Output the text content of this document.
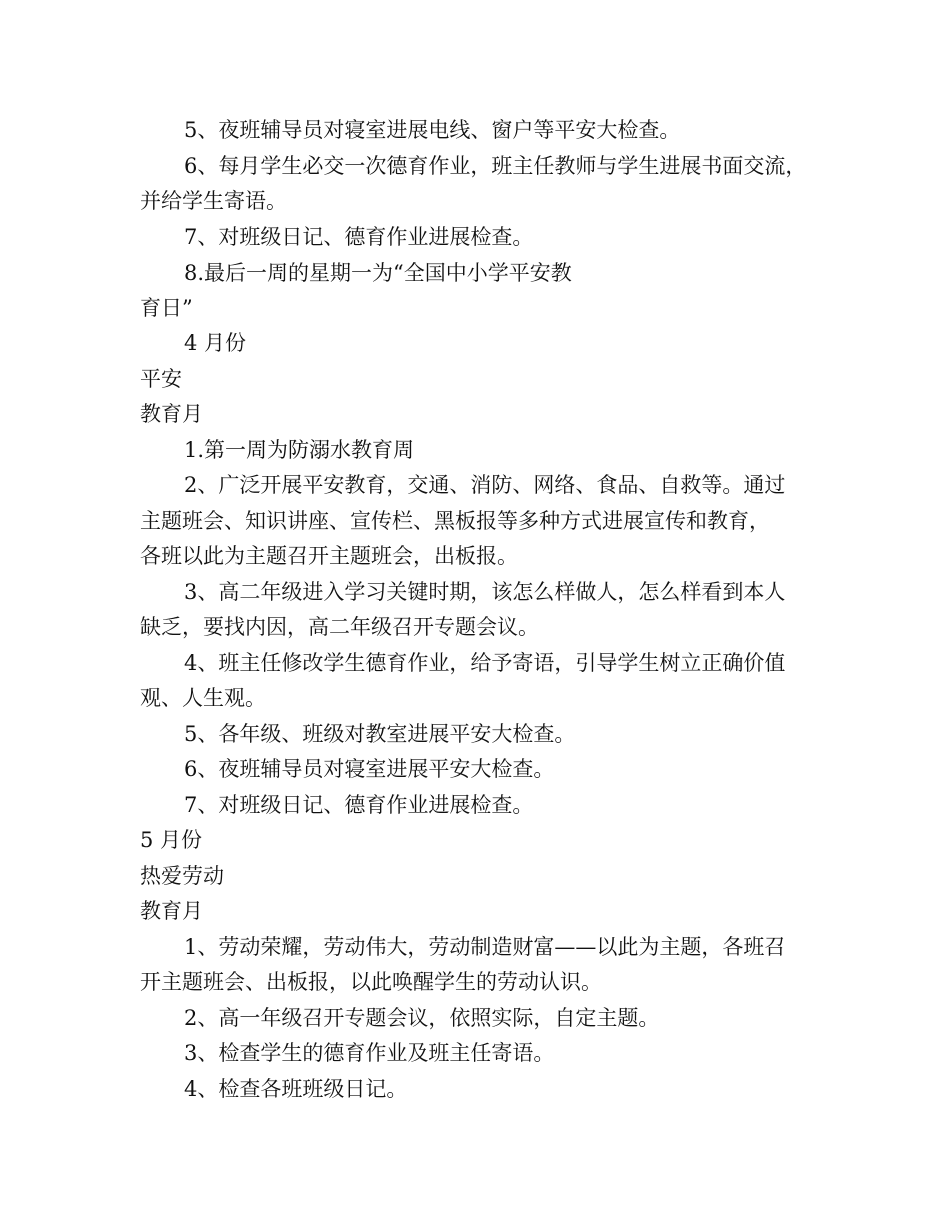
5、夜班辅导员对寝室进展电线、窗户等平安大检查。
6、每月学生必交一次德育作业，班主任教师与学生进展书面交流，
并给学生寄语。
7、对班级日记、德育作业进展检查。
8.最后一周的星期一为“全国中小学平安教
育日”
4 月份
平安
教育月
1.第一周为防溺水教育周
2、广泛开展平安教育，交通、消防、网络、食品、自救等。通过
主题班会、知识讲座、宣传栏、黑板报等多种方式进展宣传和教育，
各班以此为主题召开主题班会，出板报。
3、高二年级进入学习关键时期，该怎么样做人，怎么样看到本人
缺乏，要找内因，高二年级召开专题会议。
4、班主任修改学生德育作业，给予寄语，引导学生树立正确价值
观、人生观。
5、各年级、班级对教室进展平安大检查。
6、夜班辅导员对寝室进展平安大检查。
7、对班级日记、德育作业进展检查。
5 月份
热爱劳动
教育月
1、劳动荣耀，劳动伟大，劳动制造财富——以此为主题，各班召
开主题班会、出板报，以此唤醒学生的劳动认识。
2、高一年级召开专题会议，依照实际，自定主题。
3、检查学生的德育作业及班主任寄语。
4、检查各班班级日记。
